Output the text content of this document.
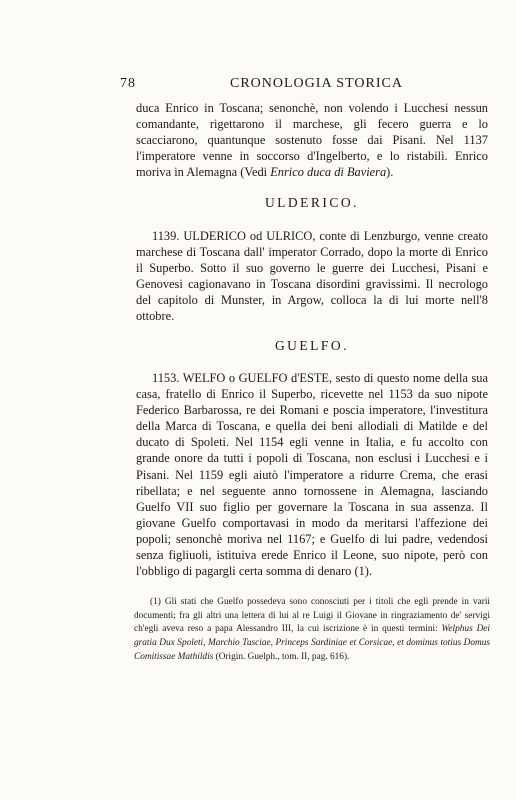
78	CRONOLOGIA STORICA

duca Enrico in Toscana; senonchè, non volendo i Lucchesi nessun comandante, rigettarono il marchese, gli fecero guerra e lo scacciarono, quantunque sostenuto fosse dai Pisani. Nel 1137 l'imperatore venne in soccorso d'Ingelberto, e lo ristabilì. Enrico moriva in Alemagna (Vedi Enrico duca di Baviera).

ULDERICO.

1139. ULDERICO od ULRICO, conte di Lenzburgo, venne creato marchese di Toscana dall' imperator Corrado, dopo la morte di Enrico il Superbo. Sotto il suo governo le guerre dei Lucchesi, Pisani e Genovesi cagionavano in Toscana disordini gravissimi. Il necrologo del capitolo di Munster, in Argow, colloca la di lui morte nell'8 ottobre.

GUELFO.

1153. WELFO o GUELFO d'ESTE, sesto di questo nome della sua casa, fratello di Enrico il Superbo, ricevette nel 1153 da suo nipote Federico Barbarossa, re dei Romani e poscia imperatore, l'investitura della Marca di Toscana, e quella dei beni allodiali di Matilde e del ducato di Spoleti. Nel 1154 egli venne in Italia, e fu accolto con grande onore da tutti i popoli di Toscana, non esclusi i Lucchesi e i Pisani. Nel 1159 egli aiutò l'imperatore a ridurre Crema, che erasi ribellata; e nel seguente anno tornossene in Alemagna, lasciando Guelfo VII suo figlio per governare la Toscana in sua assenza. Il giovane Guelfo comportavasi in modo da meritarsi l'affezione dei popoli; senonchè moriva nel 1167; e Guelfo di lui padre, vedendosi senza figliuoli, istituiva erede Enrico il Leone, suo nipote, però con l'obbligo di pagargli certa somma di denaro (1).

(1) Gli stati che Guelfo possedeva sono conosciuti per i titoli che egli prende in varii documenti; fra gli altri una lettera di lui al re Luigi il Giovane in ringraziamento de' servigi ch'egli aveva reso a papa Alessandro III, la cui iscrizione è in questi termini: Welphus Dei gratia Dux Spoleti, Marchio Tusciae, Princeps Sardiniae et Corsicae, et dominus totius Domus Comitissae Mathildis (Origin. Guelph., tom. II, pag. 616).
